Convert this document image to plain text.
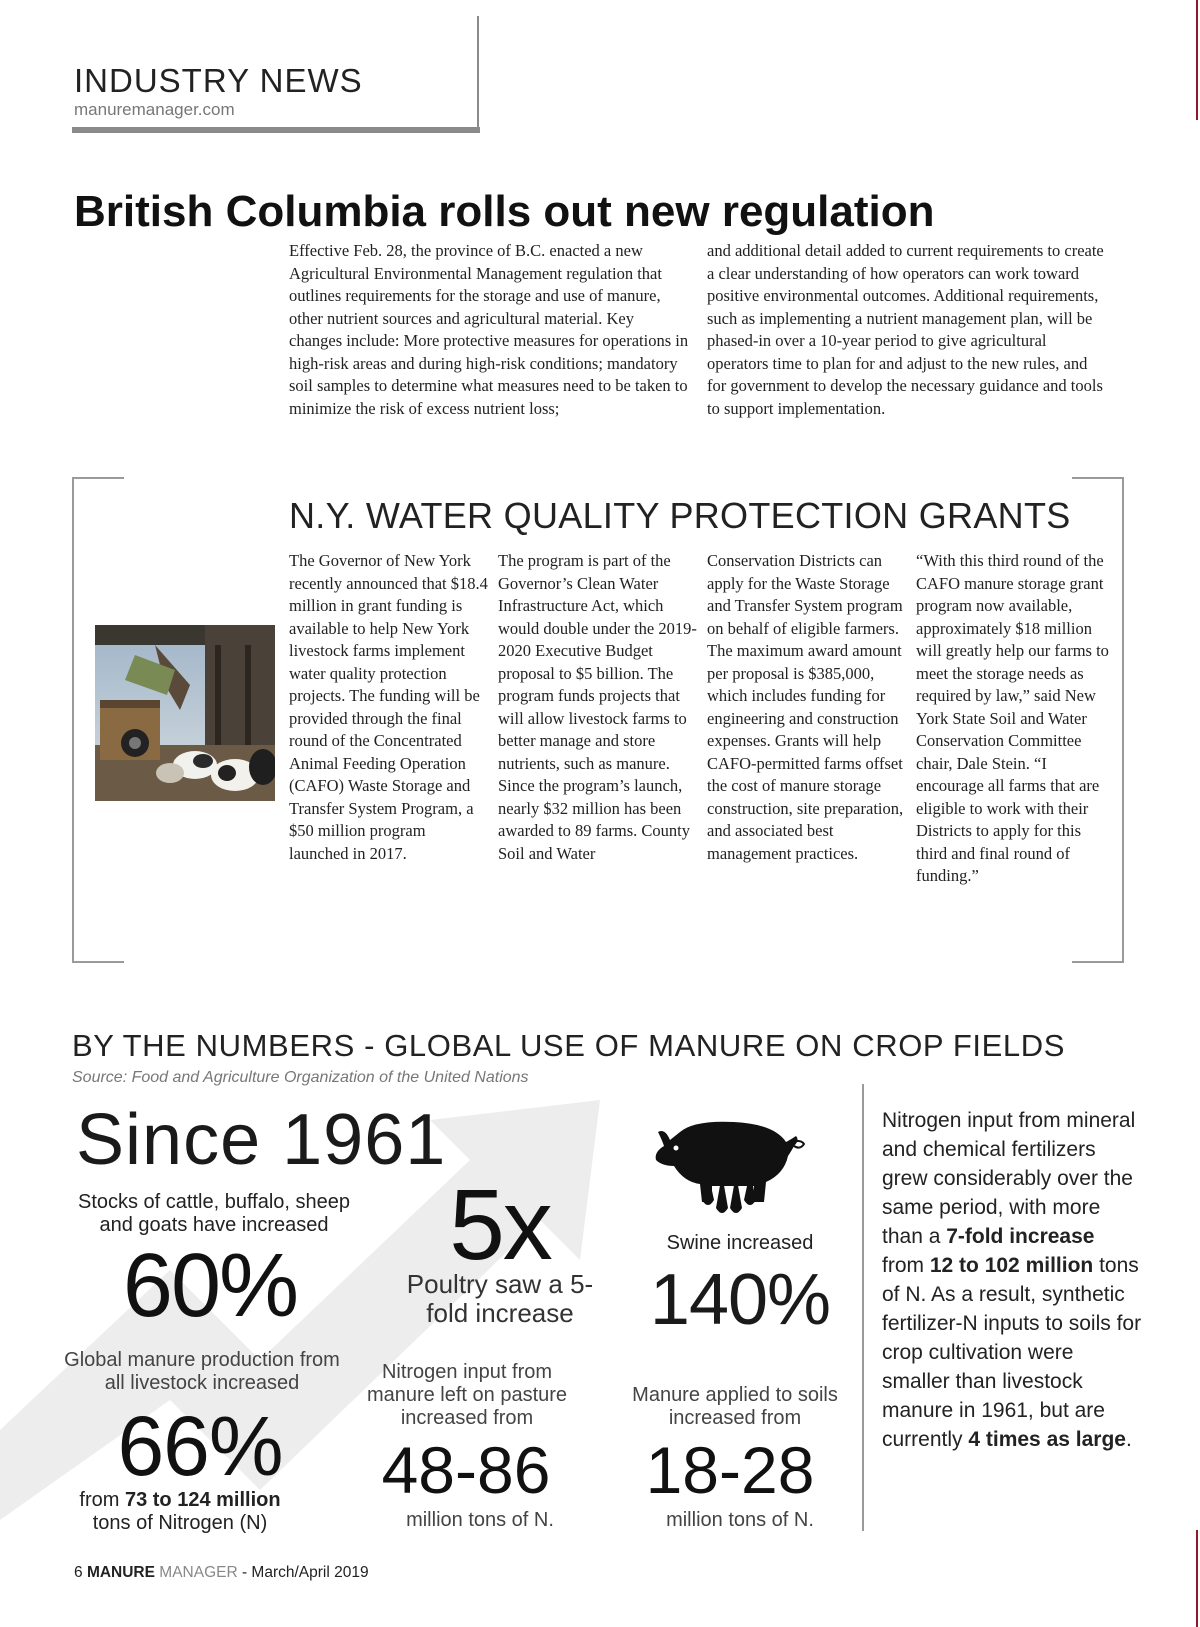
INDUSTRY NEWS
manuremanager.com
British Columbia rolls out new regulation
Effective Feb. 28, the province of B.C. enacted a new Agricultural Environmental Management regulation that outlines requirements for the storage and use of manure, other nutrient sources and agricultural material. Key changes include: More protective measures for operations in high-risk areas and during high-risk conditions; mandatory soil samples to determine what measures need to be taken to minimize the risk of excess nutrient loss;
and additional detail added to current requirements to create a clear understanding of how operators can work toward positive environmental outcomes. Additional requirements, such as implementing a nutrient management plan, will be phased-in over a 10-year period to give agricultural operators time to plan for and adjust to the new rules, and for government to develop the necessary guidance and tools to support implementation.
N.Y. WATER QUALITY PROTECTION GRANTS
The Governor of New York recently announced that $18.4 million in grant funding is available to help New York livestock farms implement water quality protection projects. The funding will be provided through the final round of the Concentrated Animal Feeding Operation (CAFO) Waste Storage and Transfer System Program, a $50 million program launched in 2017.
The program is part of the Governor’s Clean Water Infrastructure Act, which would double under the 2019-2020 Executive Budget proposal to $5 billion. The program funds projects that will allow livestock farms to better manage and store nutrients, such as manure. Since the program’s launch, nearly $32 million has been awarded to 89 farms. County Soil and Water
Conservation Districts can apply for the Waste Storage and Transfer System program on behalf of eligible farmers. The maximum award amount per proposal is $385,000, which includes funding for engineering and construction expenses. Grants will help CAFO-permitted farms offset the cost of manure storage construction, site preparation, and associated best management practices.
“With this third round of the CAFO manure storage grant program now available, approximately $18 million will greatly help our farms to meet the storage needs as required by law,” said New York State Soil and Water Conservation Committee chair, Dale Stein. “I encourage all farms that are eligible to work with their Districts to apply for this third and final round of funding.”
BY THE NUMBERS - GLOBAL USE OF MANURE ON CROP FIELDS
Source: Food and Agriculture Organization of the United Nations
Since 1961
Stocks of cattle, buffalo, sheep and goats have increased
60%
Global manure production from all livestock increased
66%
from 73 to 124 million
tons of Nitrogen (N)
5x
Poultry saw a 5-fold increase
Nitrogen input from manure left on pasture increased from
48-86
million tons of N.
Swine increased
140%
Manure applied to soils increased from
18-28
million tons of N.
Nitrogen input from mineral and chemical fertilizers grew considerably over the same period, with more than a 7-fold increase from 12 to 102 million tons of N. As a result, synthetic fertilizer-N inputs to soils for crop cultivation were smaller than livestock manure in 1961, but are currently 4 times as large.
6 MANURE MANAGER - March/April 2019
